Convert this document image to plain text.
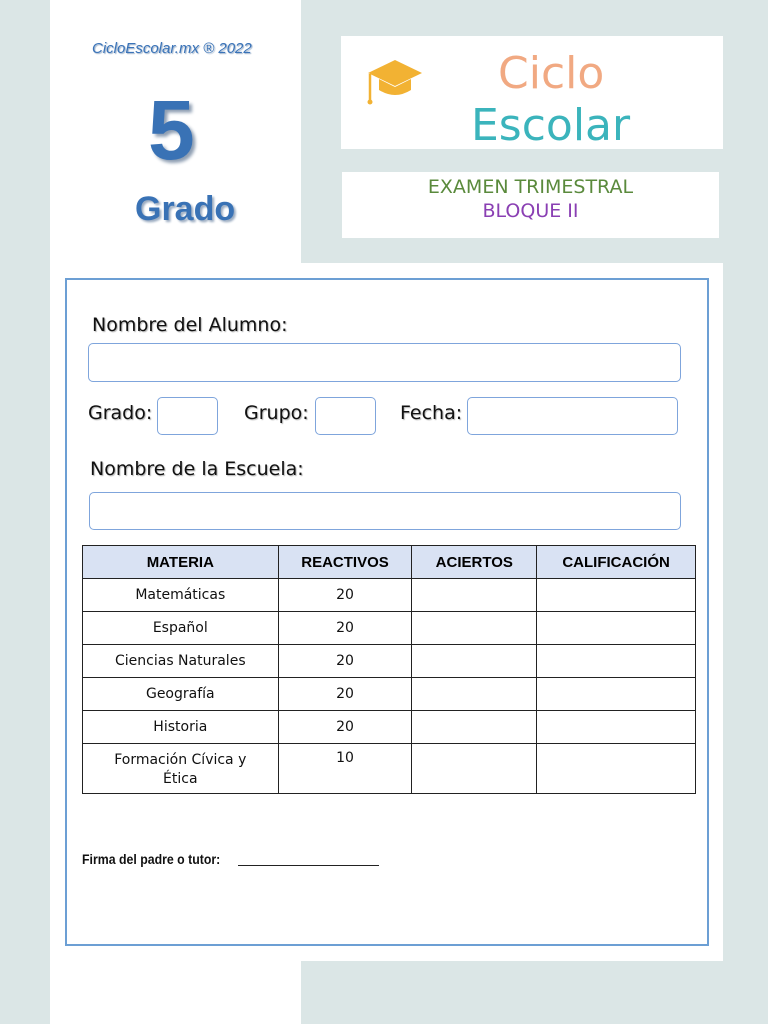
CicloEscolar.mx ® 2022
5
Grado
Ciclo
Escolar
EXAMEN TRIMESTRAL
BLOQUE II
Nombre del Alumno:
Grado:	Grupo:	Fecha:
Nombre de la Escuela:
MATERIA	REACTIVOS	ACIERTOS	CALIFICACIÓN
Matemáticas	20		
Español	20		
Ciencias Naturales	20		
Geografía	20		
Historia	20		
Formación Cívica y Ética	10		
Firma del padre o tutor:
